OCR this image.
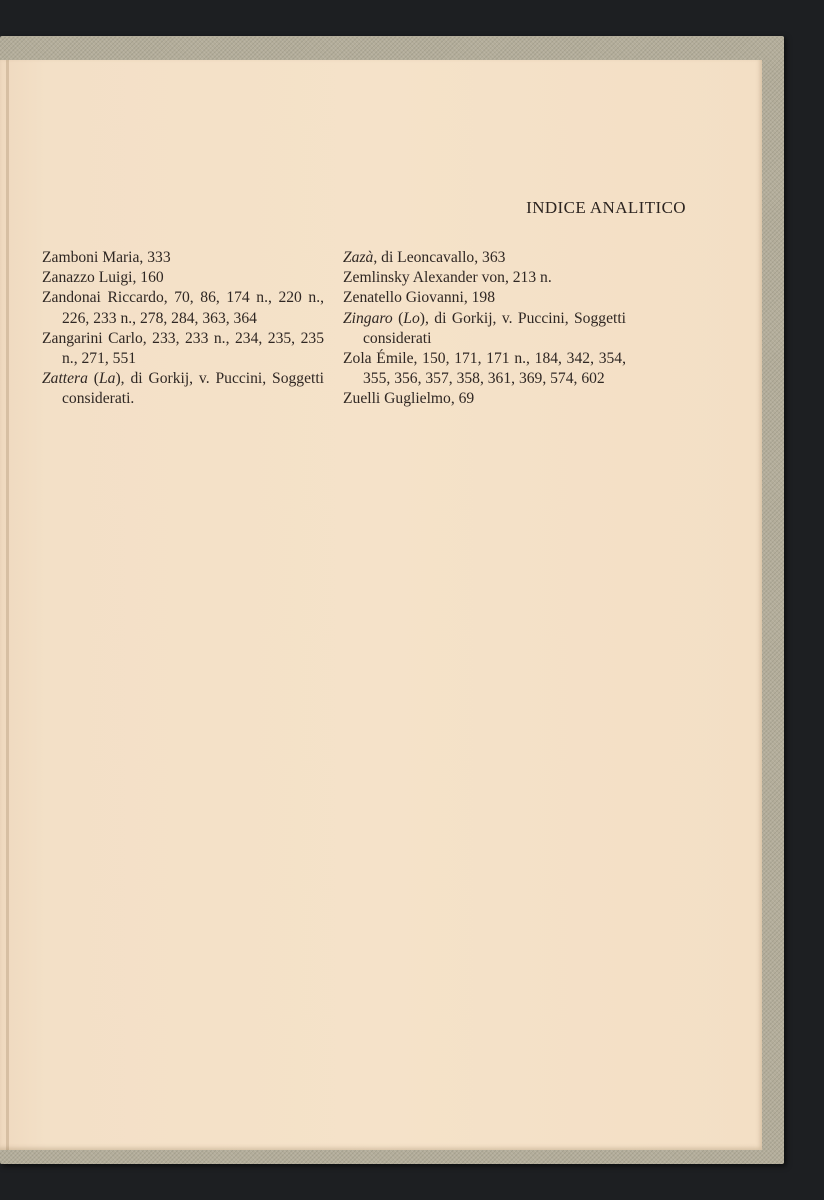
INDICE ANALITICO
Zamboni Maria, 333
Zanazzo Luigi, 160
Zandonai Riccardo, 70, 86, 174 n., 220 n., 226, 233 n., 278, 284, 363, 364
Zangarini Carlo, 233, 233 n., 234, 235, 235 n., 271, 551
Zattera (La), di Gorkij, v. Puccini, Soggetti considerati.
Zazà, di Leoncavallo, 363
Zemlinsky Alexander von, 213 n.
Zenatello Giovanni, 198
Zingaro (Lo), di Gorkij, v. Puccini, Soggetti considerati
Zola Émile, 150, 171, 171 n., 184, 342, 354, 355, 356, 357, 358, 361, 369, 574, 602
Zuelli Guglielmo, 69
